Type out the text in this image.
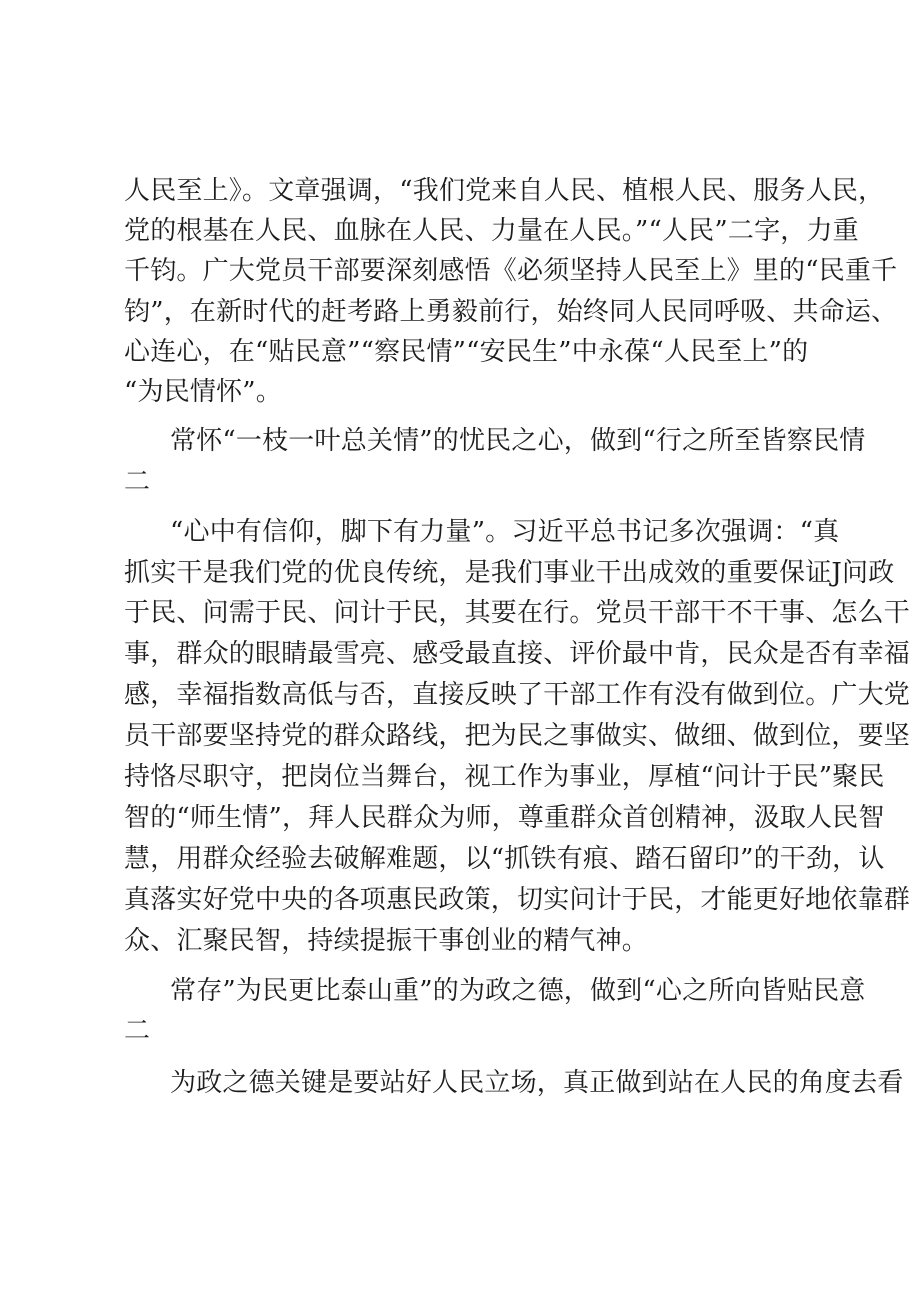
人民至上》。文章强调，“我们党来自人民、植根人民、服务人民，

党的根基在人民、血脉在人民、力量在人民。”“人民”二字，力重

千钧。广大党员干部要深刻感悟《必须坚持人民至上》里的“民重千

钧”，在新时代的赶考路上勇毅前行，始终同人民同呼吸、共命运、

心连心，在“贴民意”“察民情”“安民生”中永葆“人民至上”的

“为民情怀”。

常怀“一枝一叶总关情”的忧民之心，做到“行之所至皆察民情

二

“心中有信仰，脚下有力量”。习近平总书记多次强调：“真

抓实干是我们党的优良传统，是我们事业干出成效的重要保证J问政

于民、问需于民、问计于民，其要在行。党员干部干不干事、怎么干

事，群众的眼睛最雪亮、感受最直接、评价最中肯，民众是否有幸福

感，幸福指数高低与否，直接反映了干部工作有没有做到位。广大党

员干部要坚持党的群众路线，把为民之事做实、做细、做到位，要坚

持恪尽职守，把岗位当舞台，视工作为事业，厚植“问计于民”聚民

智的“师生情”，拜人民群众为师，尊重群众首创精神，汲取人民智

慧，用群众经验去破解难题，以“抓铁有痕、踏石留印”的干劲，认

真落实好党中央的各项惠民政策，切实问计于民，才能更好地依靠群

众、汇聚民智，持续提振干事创业的精气神。

常存”为民更比泰山重”的为政之德，做到“心之所向皆贴民意

二

为政之德关键是要站好人民立场，真正做到站在人民的角度去看
